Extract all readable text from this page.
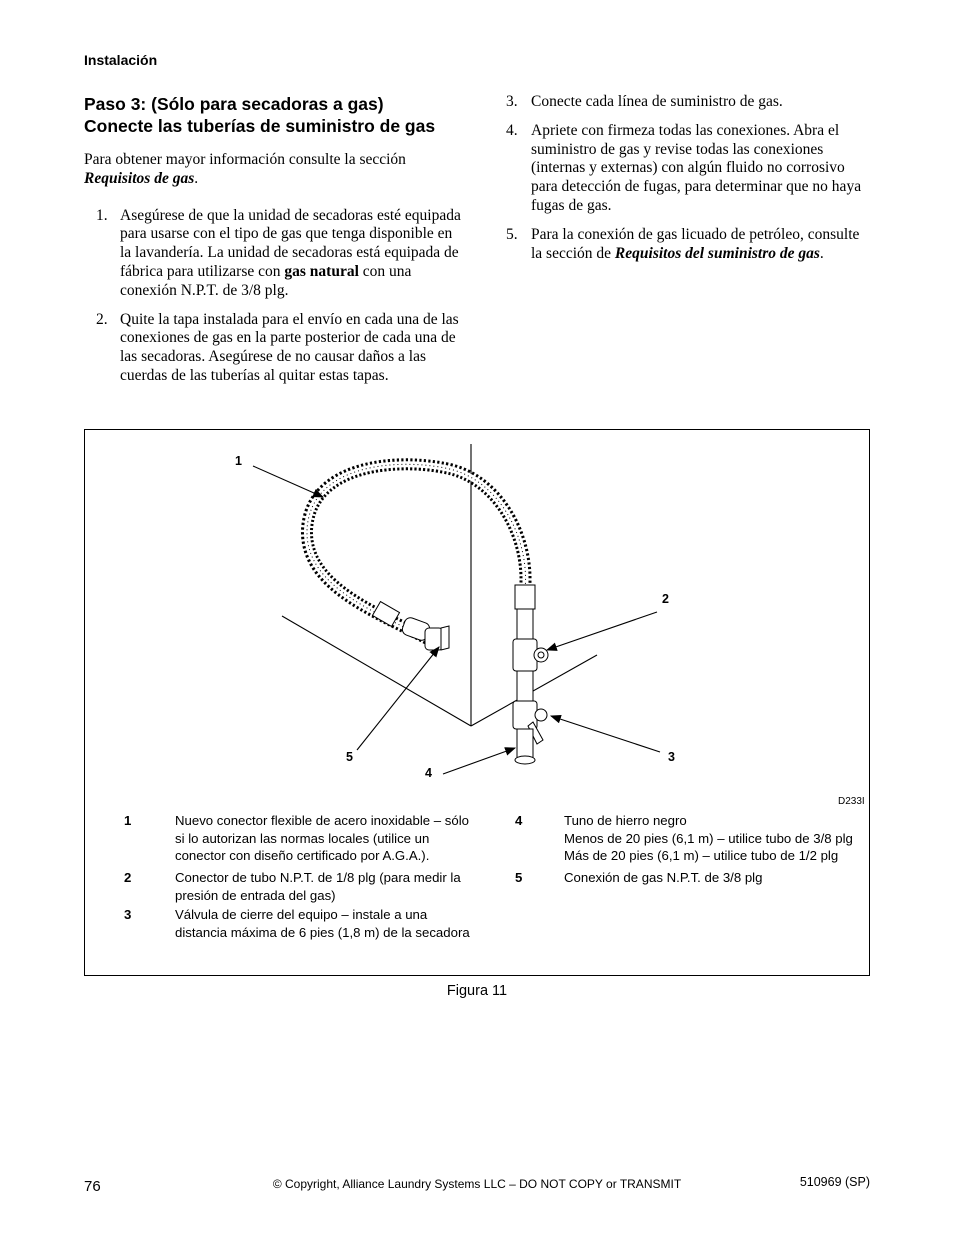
Instalación
Paso 3: (Sólo para secadoras a gas)
Conecte las tuberías de suministro de gas

Para obtener mayor información consulte la sección Requisitos de gas.

1. Asegúrese de que la unidad de secadoras esté equipada para usarse con el tipo de gas que tenga disponible en la lavandería. La unidad de secadoras está equipada de fábrica para utilizarse con gas natural con una conexión N.P.T. de 3/8 plg.
2. Quite la tapa instalada para el envío en cada una de las conexiones de gas en la parte posterior de cada una de las secadoras. Asegúrese de no causar daños a las cuerdas de las tuberías al quitar estas tapas.
3. Conecte cada línea de suministro de gas.
4. Apriete con firmeza todas las conexiones. Abra el suministro de gas y revise todas las conexiones (internas y externas) con algún fluido no corrosivo para detección de fugas, para determinar que no haya fugas de gas.
5. Para la conexión de gas licuado de petróleo, consulte la sección de Requisitos del suministro de gas.
1
2
3
4
5
D233I
1	Nuevo conector flexible de acero inoxidable – sólo si lo autorizan las normas locales (utilice un conector con diseño certificado por A.G.A.).
2	Conector de tubo N.P.T. de 1/8 plg (para medir la presión de entrada del gas)
3	Válvula de cierre del equipo – instale a una distancia máxima de 6 pies (1,8 m) de la secadora
4	Tuno de hierro negro
Menos de 20 pies (6,1 m) – utilice tubo de 3/8 plg
Más de 20 pies (6,1 m) – utilice tubo de 1/2 plg
5	Conexión de gas N.P.T. de 3/8 plg
Figura 11
76	© Copyright, Alliance Laundry Systems LLC – DO NOT COPY or TRANSMIT	510969 (SP)
